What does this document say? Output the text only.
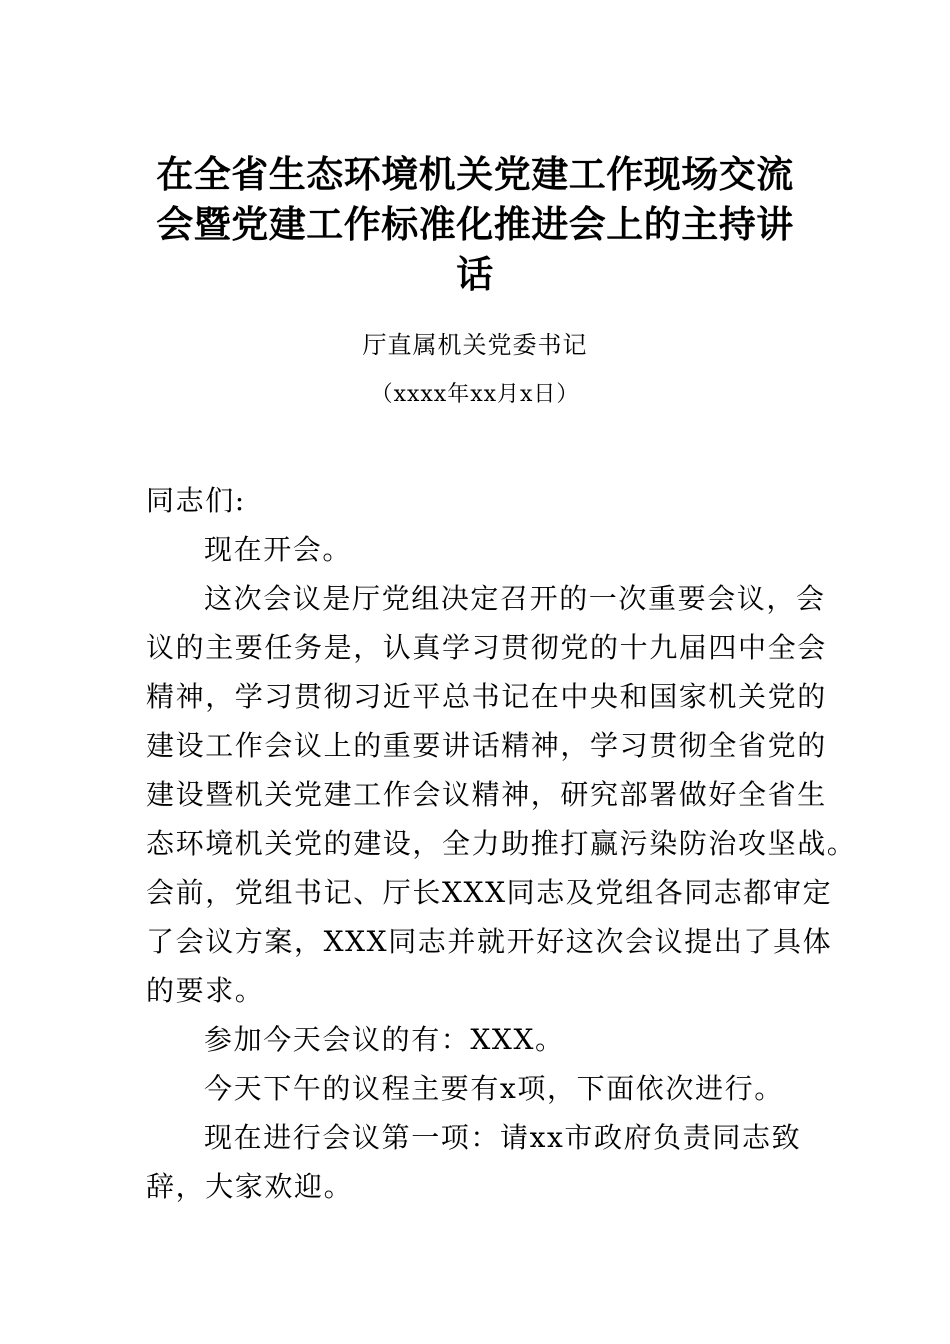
在全省生态环境机关党建工作现场交流
会暨党建工作标准化推进会上的主持讲
话
厅直属机关党委书记
（xxxx年xx月x日）
同志们:
现在开会。
这次会议是厅党组决定召开的一次重要会议，会
议的主要任务是，认真学习贯彻党的十九届四中全会
精神，学习贯彻习近平总书记在中央和国家机关党的
建设工作会议上的重要讲话精神，学习贯彻全省党的
建设暨机关党建工作会议精神，研究部署做好全省生
态环境机关党的建设，全力助推打赢污染防治攻坚战。
会前，党组书记、厅长XXX同志及党组各同志都审定
了会议方案，XXX同志并就开好这次会议提出了具体
的要求。
参加今天会议的有：XXX。
今天下午的议程主要有x项，下面依次进行。
现在进行会议第一项：请xx市政府负责同志致
辞，大家欢迎。
